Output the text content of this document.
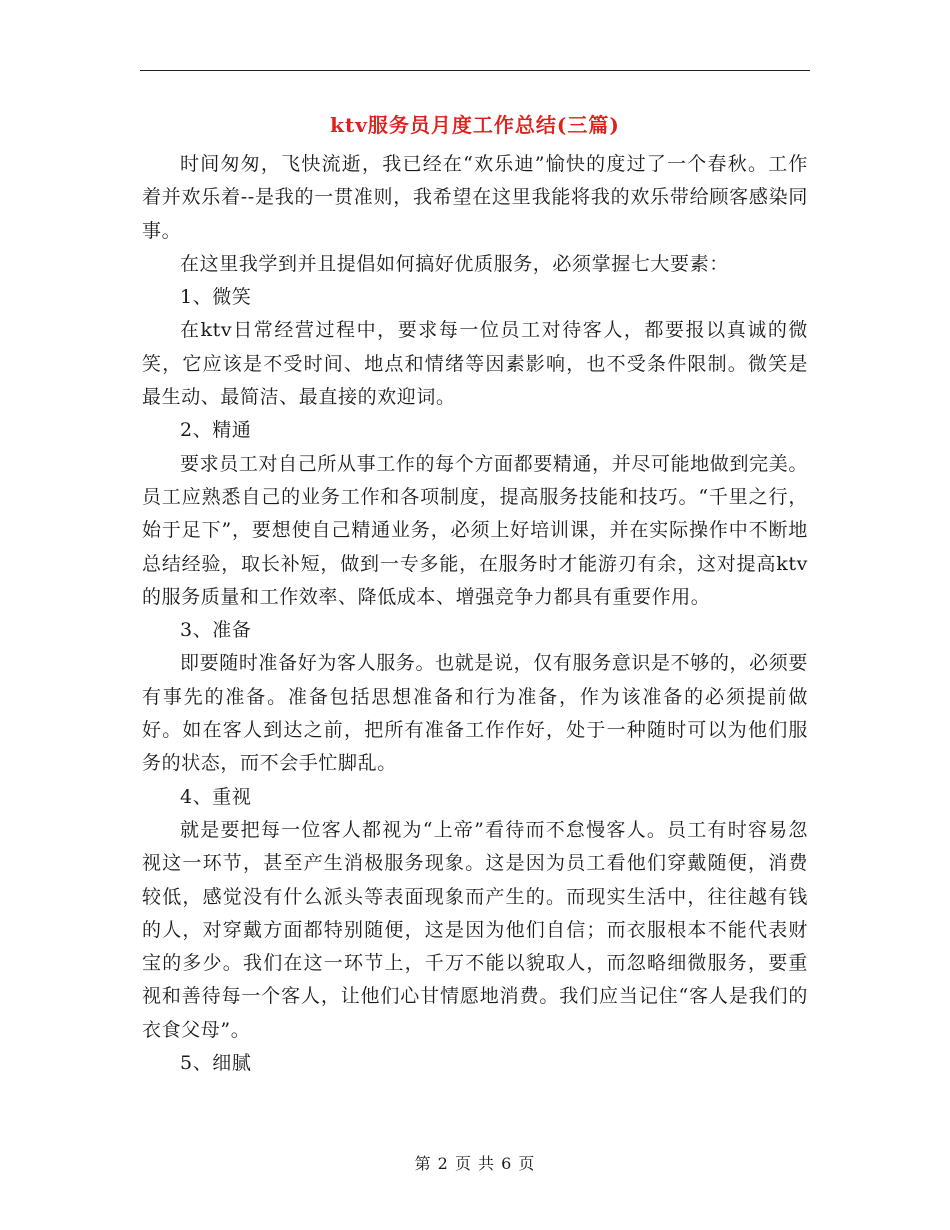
ktv服务员月度工作总结(三篇)

时间匆匆，飞快流逝，我已经在“欢乐迪”愉快的度过了一个春秋。工作着并欢乐着--是我的一贯准则，我希望在这里我能将我的欢乐带给顾客感染同事。

在这里我学到并且提倡如何搞好优质服务，必须掌握七大要素：

1、微笑

在ktv日常经营过程中，要求每一位员工对待客人，都要报以真诚的微笑，它应该是不受时间、地点和情绪等因素影响，也不受条件限制。微笑是最生动、最简洁、最直接的欢迎词。

2、精通

要求员工对自己所从事工作的每个方面都要精通，并尽可能地做到完美。员工应熟悉自己的业务工作和各项制度，提高服务技能和技巧。“千里之行，始于足下”，要想使自己精通业务，必须上好培训课，并在实际操作中不断地总结经验，取长补短，做到一专多能，在服务时才能游刃有余，这对提高ktv的服务质量和工作效率、降低成本、增强竞争力都具有重要作用。

3、准备

即要随时准备好为客人服务。也就是说，仅有服务意识是不够的，必须要有事先的准备。准备包括思想准备和行为准备，作为该准备的必须提前做好。如在客人到达之前，把所有准备工作作好，处于一种随时可以为他们服务的状态，而不会手忙脚乱。

4、重视

就是要把每一位客人都视为“上帝”看待而不怠慢客人。员工有时容易忽视这一环节，甚至产生消极服务现象。这是因为员工看他们穿戴随便，消费较低，感觉没有什么派头等表面现象而产生的。而现实生活中，往往越有钱的人，对穿戴方面都特别随便，这是因为他们自信；而衣服根本不能代表财宝的多少。我们在这一环节上，千万不能以貌取人，而忽略细微服务，要重视和善待每一个客人，让他们心甘情愿地消费。我们应当记住“客人是我们的衣食父母”。

5、细腻

第 2 页 共 6 页
